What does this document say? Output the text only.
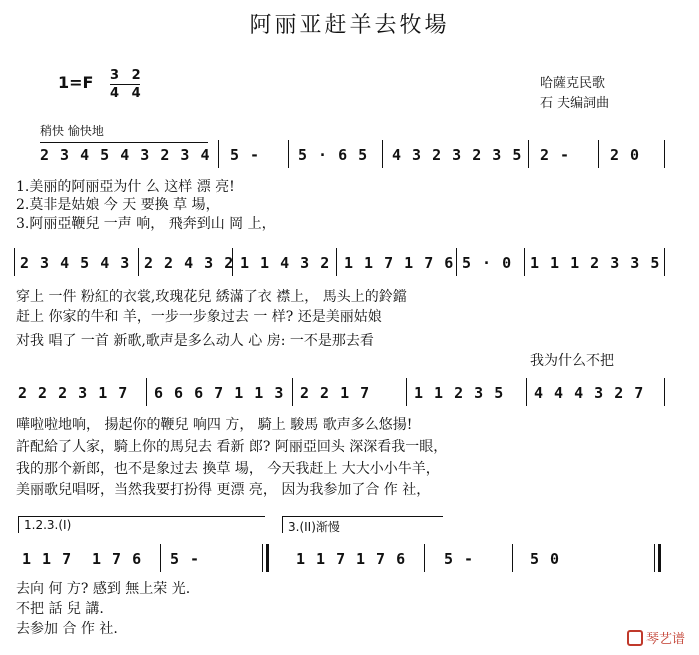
阿丽亚赶羊去牧場
1=F 3 2
4 4
哈薩克民歌
石 夫编詞曲
稍快 愉快地
2 3 4 5 4 3 2 3 4 5 -	5 · 6 5 4 3 2 3 2 3 5 2 -	2 0
1.美丽的阿丽亞为什 么 这样 漂 亮!
2.莫非是姑娘 今 天 要換 草 場，
3.阿丽亞鞭兒 一声 响， 飛奔到山 岡 上，
2 3 4 5 4 3 2 2 4 3 2 1 1 4 3 2 1 1 7 1 7 6 5 · 0 1 1 1 2 3 3 5
穿上 一件 粉紅的衣裳,玫瑰花兒 綉滿了衣 襟上， 馬头上的鈴鐺
赶上 你家的牛和 羊，一步一步象过去 一 样? 还是美丽姑娘
对我 唱了 一首 新歌,歌声是多么动人 心 房: 一不是那去看
我为什么不把
2 2 2 3 1 7 6 6 6 7 1 1 3 2 2 1 7	1 1 2 3 5 4 4 4 3 2 7
嘩啦啦地响， 揚起你的鞭兒 响四 方， 騎上 駿馬 歌声多么悠揚!
許配給了人家，騎上你的馬兒去 看新 郎? 阿丽亞回头 深深看我一眼，
我的那个新郎，也不是象过去 換草 場， 今天我赶上 大大小小牛羊，
美丽歌兒唱呀，当然我要打扮得 更漂 亮， 因为我参加了合 作 社，
1.2.3.(I)	3.(II)渐慢
1 1 7 1 7 6 5 -	1 1 7 1 7 6	5 -	5 0
去向 何 方? 感到 無上荣 光.
不把 話 兒 講.
去参加 合 作 社.
琴艺谱
